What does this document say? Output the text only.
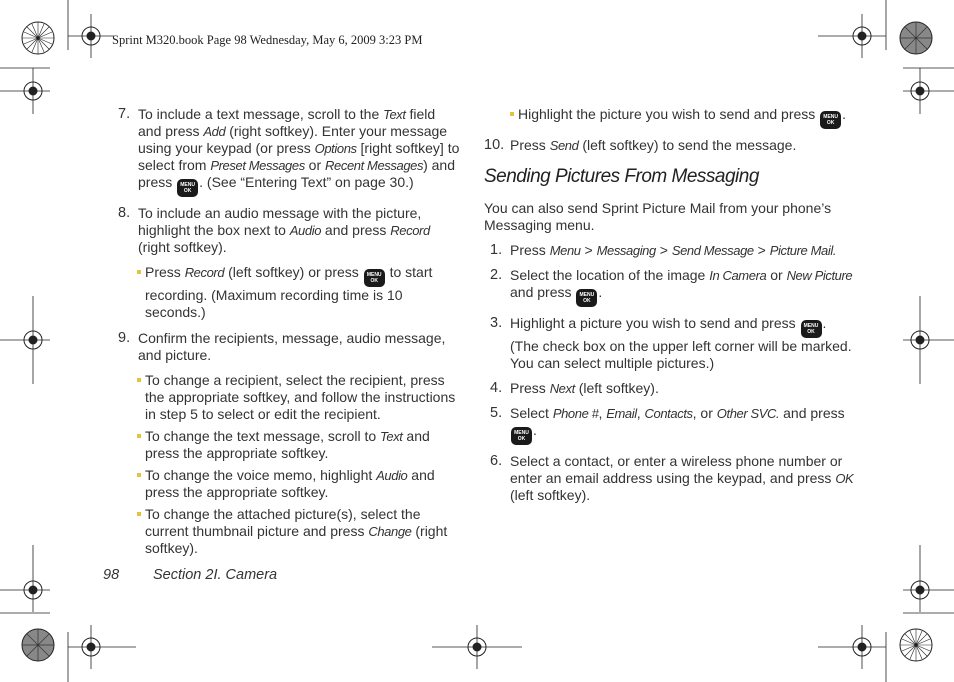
Sprint M320.book Page 98 Wednesday, May 6, 2009 3:23 PM
7. To include a text message, scroll to the Text field and press Add (right softkey). Enter your message using your keypad (or press Options [right softkey] to select from Preset Messages or Recent Messages) and press MENU
OK
. (See “Entering Text” on page 30.)
8. To include an audio message with the picture, highlight the box next to Audio and press Record (right softkey).
Press Record (left softkey) or press MENU
OK
to start recording. (Maximum recording time is 10 seconds.)
9. Confirm the recipients, message, audio message, and picture.
To change a recipient, select the recipient, press the appropriate softkey, and follow the instructions in step 5 to select or edit the recipient.
To change the text message, scroll to Text and press the appropriate softkey.
To change the voice memo, highlight Audio and press the appropriate softkey.
To change the attached picture(s), select the current thumbnail picture and press Change (right softkey).
Highlight the picture you wish to send and press MENU
OK
.
10. Press Send (left softkey) to send the message.
Sending Pictures From Messaging
You can also send Sprint Picture Mail from your phone’s Messaging menu.
1. Press Menu > Messaging > Send Message > Picture Mail.
2. Select the location of the image In Camera or New Picture and press MENU
OK
.
3. Highlight a picture you wish to send and press MENU
OK
. (The check box on the upper left corner will be marked. You can select multiple pictures.)
4. Press Next (left softkey).
5. Select Phone #, Email, Contacts, or Other SVC. and press
MENU
OK
.
6. Select a contact, or enter a wireless phone number or enter an email address using the keypad, and press OK (left softkey).
98 Section 2I. Camera
